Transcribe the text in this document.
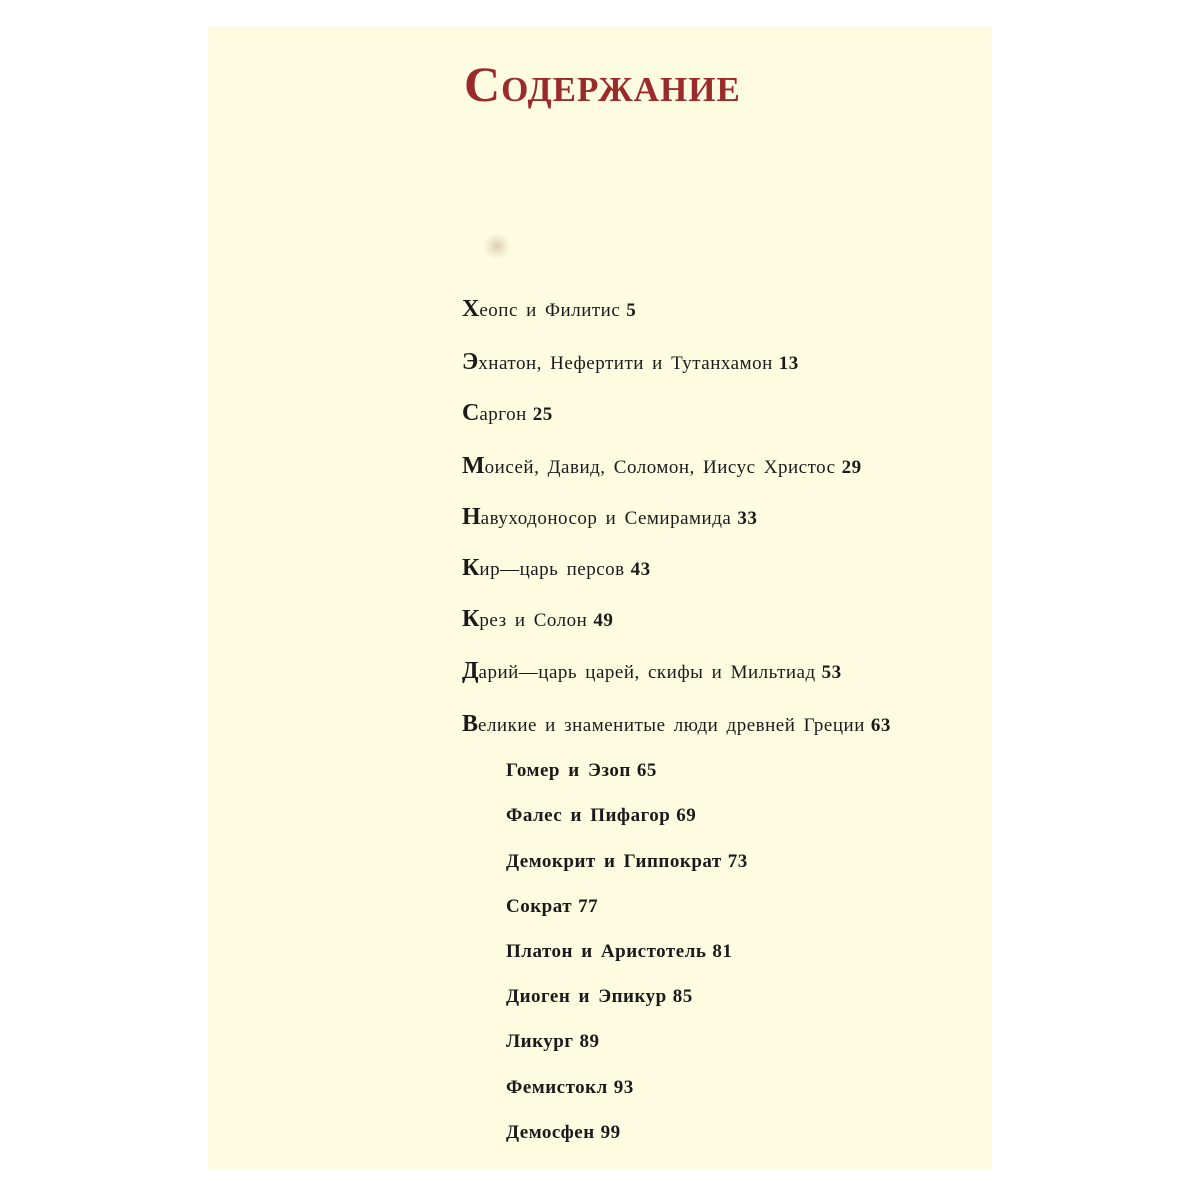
Содержание
Хеопс и Филитис 5
Эхнатон, Нефертити и Тутанхамон 13
Саргон 25
Моисей, Давид, Соломон, Иисус Христос 29
Навуходоносор и Семирамида 33
Кир—царь персов 43
Крез и Солон 49
Дарий—царь царей, скифы и Мильтиад 53
Великие и знаменитые люди древней Греции 63
Гомер и Эзоп 65
Фалес и Пифагор 69
Демокрит и Гиппократ 73
Сократ 77
Платон и Аристотель 81
Диоген и Эпикур 85
Ликург 89
Фемистокл 93
Демосфен 99
